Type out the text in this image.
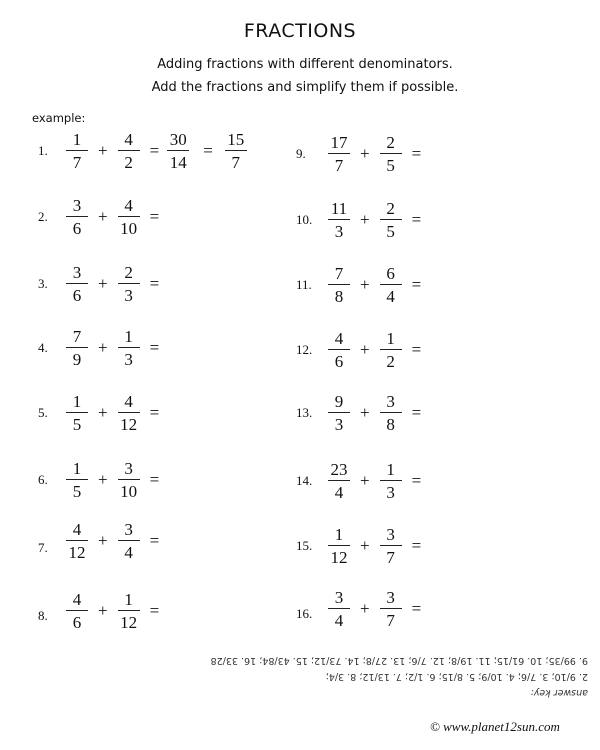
FRACTIONS
Adding fractions with different denominators.
Add the fractions and simplify them if possible.
example:
1. $\frac{1}{7} + \frac{4}{2} = \frac{30}{14} = \frac{15}{7}$
2. $\frac{3}{6} + \frac{4}{10}$ =
3. $\frac{3}{6} + \frac{2}{3}$ =
4. $\frac{7}{9} + \frac{1}{3}$ =
5. $\frac{1}{5} + \frac{4}{12}$ =
6. $\frac{1}{5} + \frac{3}{10}$ =
7. $\frac{4}{12} + \frac{3}{4}$ =
8. $\frac{4}{6} + \frac{1}{12}$ =
9.	$\frac{17}{7} + \frac{2}{5}$ =
10. $\frac{11}{3} + \frac{2}{5}$ =
11. $\frac{7}{8} + \frac{6}{4}$ =
12. $\frac{4}{6} + \frac{1}{2}$ =
13. $\frac{9}{3} + \frac{3}{8}$ =
14. $\frac{23}{4} + \frac{1}{3}$ =
15. $\frac{1}{12} + \frac{3}{7}$ =
16. $\frac{3}{4} + \frac{3}{7}$ =
answer key:
2. 9/10; 3. 7/6; 4. 10/9; 5. 8/15; 6. 1/2; 7. 13/12; 8. 3/4;
9. 99/35; 10. 61/15; 11. 19/8; 12. 7/6; 13. 27/8; 14. 73/12; 15. 43/84; 16. 33/28
© www.planet12sun.com
